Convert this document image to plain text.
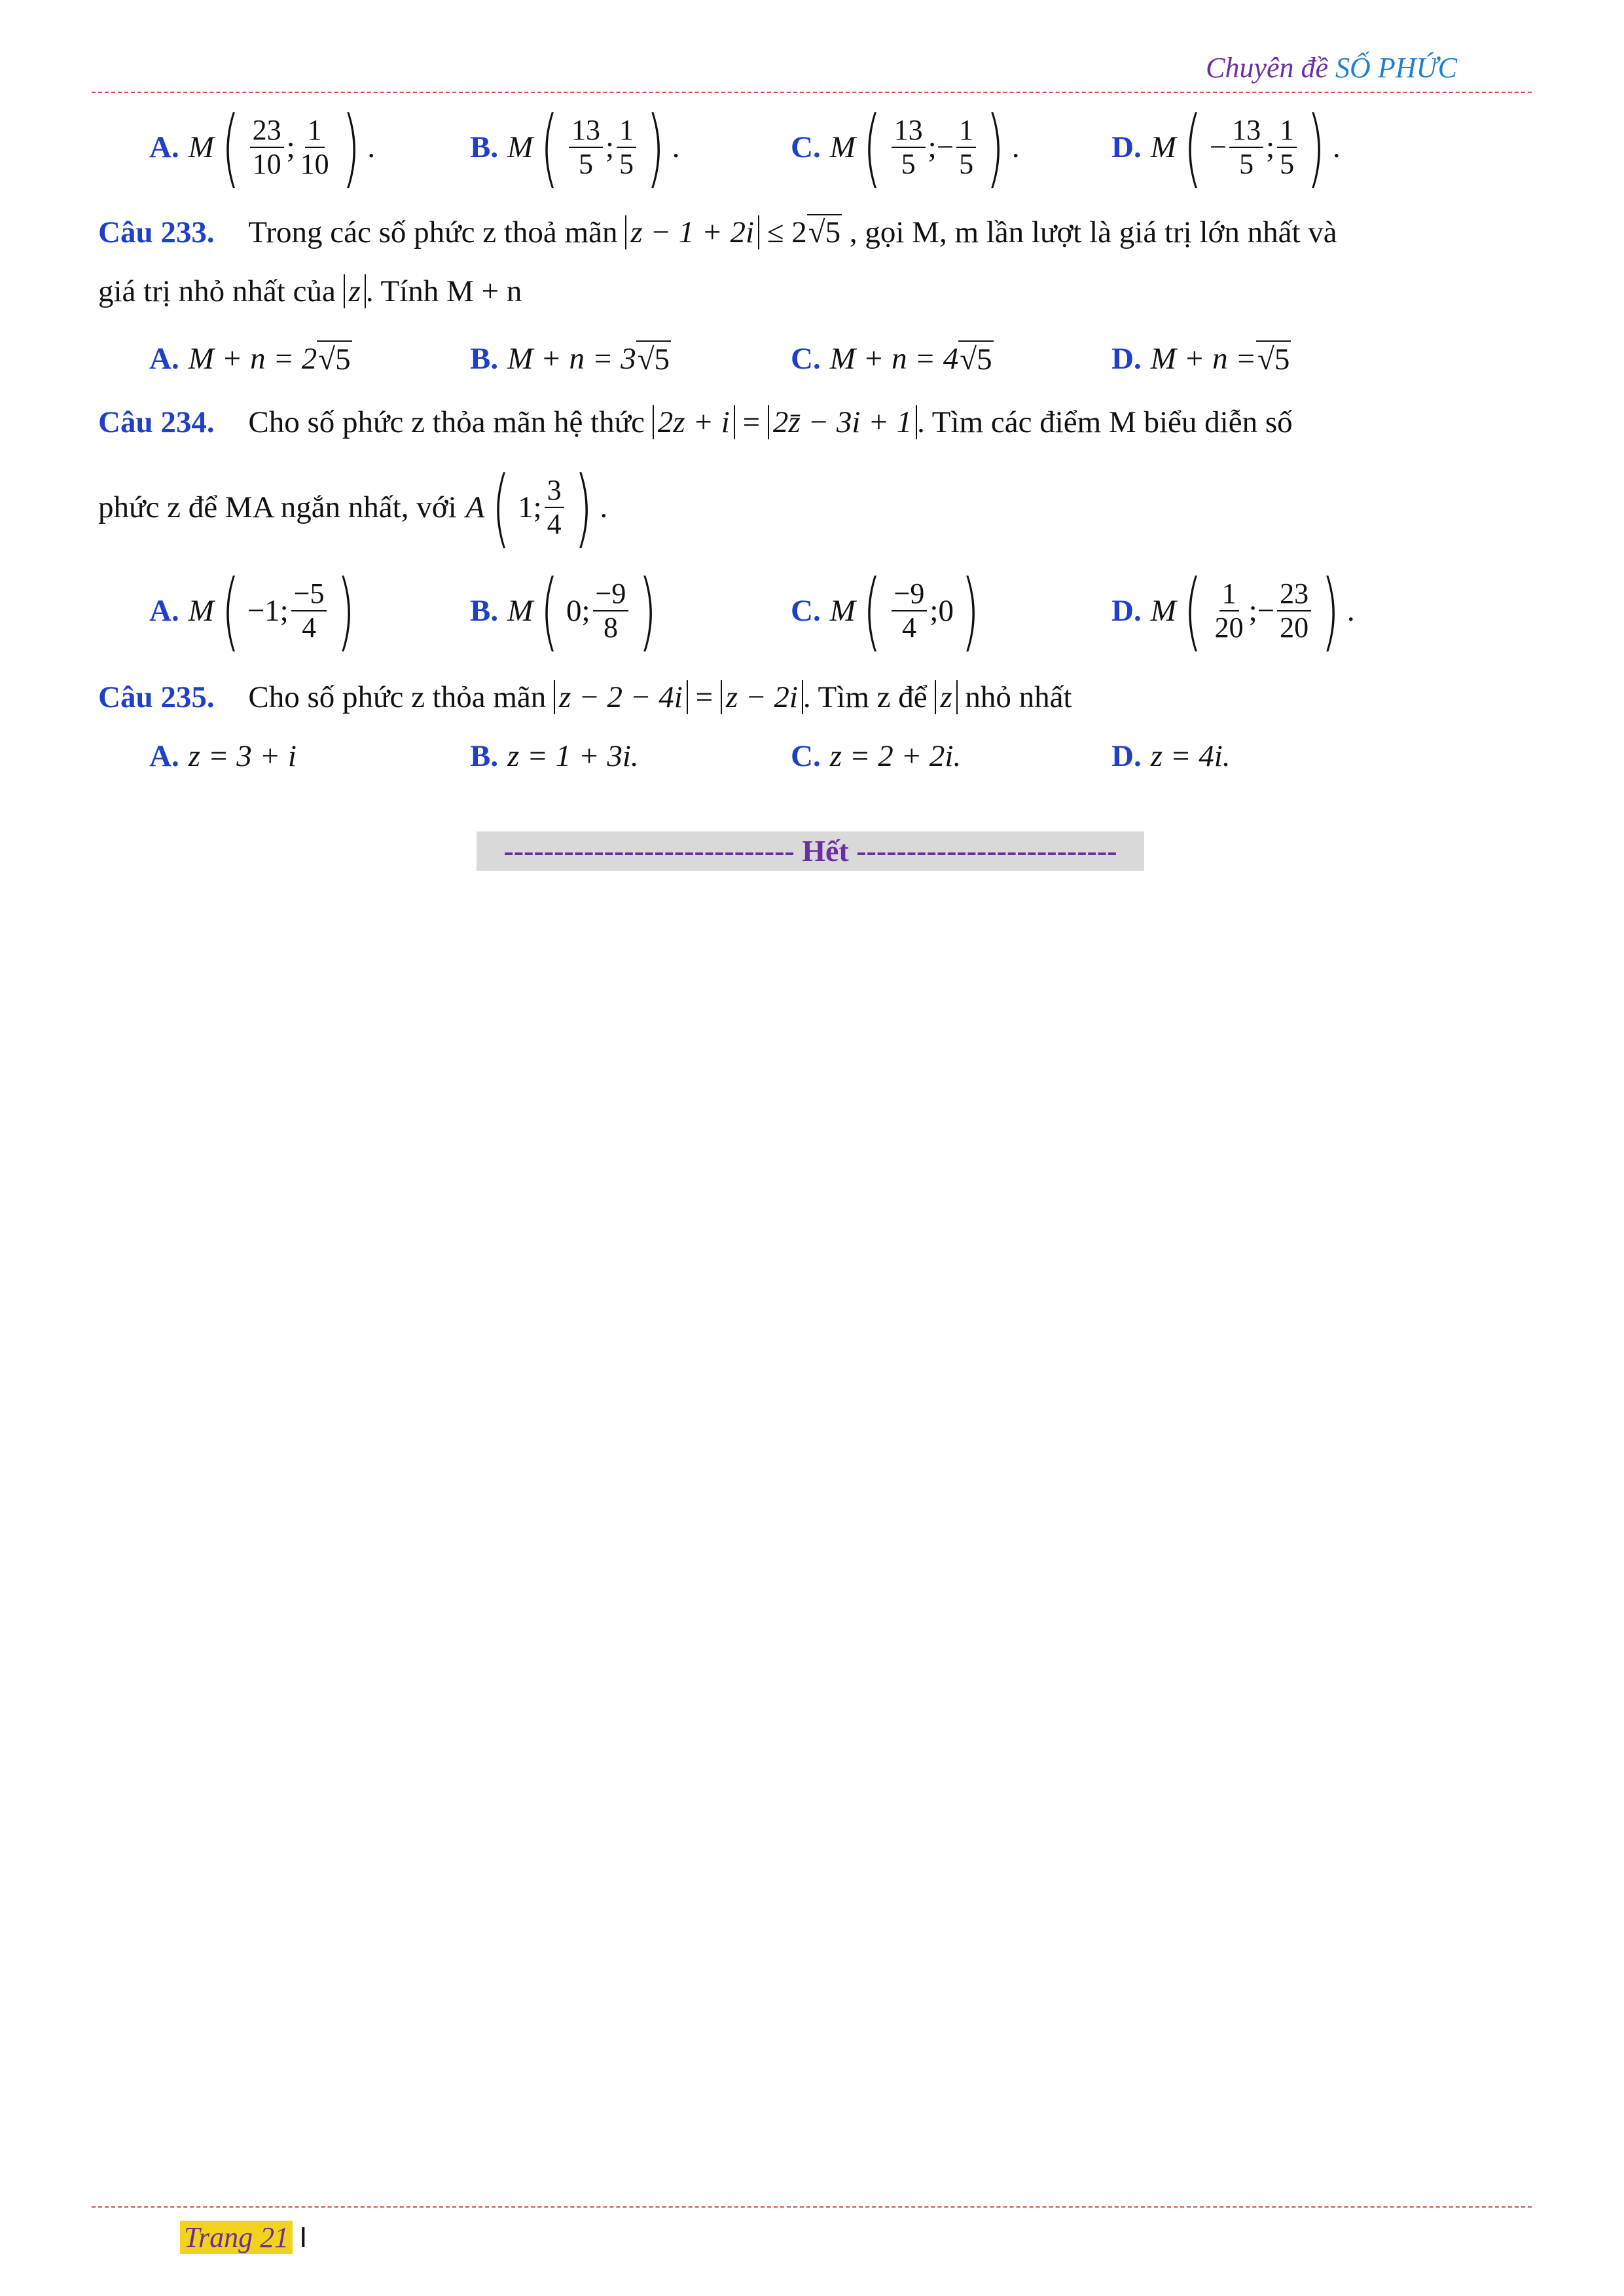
Chuyên đề SỐ PHỨC
A. M ( $\frac{23}{10}$ ; $\frac{1}{10}$ ) .	B. M ( $\frac{13}{5}$ ; $\frac{1}{5}$ ) .	C. M ( $\frac{13}{5}$ ;− $\frac{1}{5}$ ) .	D. M ( − $\frac{13}{5}$ ; $\frac{1}{5}$ ) .
Câu 233. Trong các số phức z thoả mãn z − 1 + 2i ≤ 2√5 , gọi M, m lần lượt là giá trị lớn nhất và
giá trị nhỏ nhất của z . Tính M + n
A. M + n = 2 √5	B. M + n = 3 √5	C. M + n = 4 √5	D. M + n = √5
Câu 234. Cho số phức z thỏa mãn hệ thức 2z + i = 2z̄ − 3i + 1 . Tìm các điểm M biểu diễn số
phức z để MA ngắn nhất, với A ( 1; $\frac{3}{4}$ ) .
A. M ( −1; $\frac{-5}{4}$ )	B. M ( 0; $\frac{-9}{8}$ )	C. M ( $\frac{-9}{4}$ ;0 )	D. M ( $\frac{1}{20}$ ;− $\frac{23}{20}$ ) .
Câu 235. Cho số phức z thỏa mãn z − 2 − 4i = z − 2i . Tìm z để z nhỏ nhất
A. z = 3 + i	B. z = 1 + 3i.	C. z = 2 + 2i.	D. z = 4i.
----------------------------- Hết --------------------------
Trang 21 I
